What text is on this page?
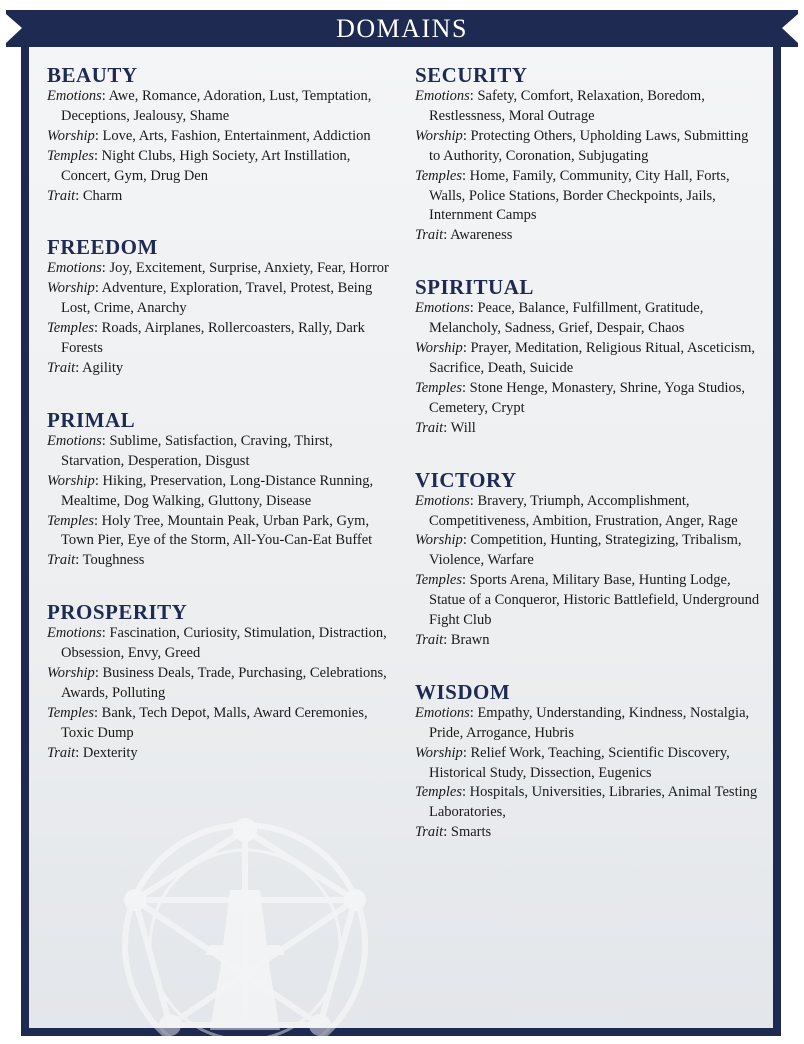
DOMAINS
BEAUTY
Emotions: Awe, Romance, Adoration, Lust, Temptation, Deceptions, Jealousy, Shame
Worship: Love, Arts, Fashion, Entertainment, Addiction
Temples: Night Clubs, High Society, Art Instillation, Concert, Gym, Drug Den
Trait: Charm
FREEDOM
Emotions: Joy, Excitement, Surprise, Anxiety, Fear, Horror
Worship: Adventure, Exploration, Travel, Protest, Being Lost, Crime, Anarchy
Temples: Roads, Airplanes, Rollercoasters, Rally, Dark Forests
Trait: Agility
PRIMAL
Emotions: Sublime, Satisfaction, Craving, Thirst, Starvation, Desperation, Disgust
Worship: Hiking, Preservation, Long-Distance Running, Mealtime, Dog Walking, Gluttony, Disease
Temples: Holy Tree, Mountain Peak, Urban Park, Gym, Town Pier, Eye of the Storm, All-You-Can-Eat Buffet
Trait: Toughness
PROSPERITY
Emotions: Fascination, Curiosity, Stimulation, Distraction, Obsession, Envy, Greed
Worship: Business Deals, Trade, Purchasing, Celebrations, Awards, Polluting
Temples: Bank, Tech Depot, Malls, Award Ceremonies, Toxic Dump
Trait: Dexterity
SECURITY
Emotions: Safety, Comfort, Relaxation, Boredom, Restlessness, Moral Outrage
Worship: Protecting Others, Upholding Laws, Submitting to Authority, Coronation, Subjugating
Temples: Home, Family, Community, City Hall, Forts, Walls, Police Stations, Border Checkpoints, Jails, Internment Camps
Trait: Awareness
SPIRITUAL
Emotions: Peace, Balance, Fulfillment, Gratitude, Melancholy, Sadness, Grief, Despair, Chaos
Worship: Prayer, Meditation, Religious Ritual, Asceticism, Sacrifice, Death, Suicide
Temples: Stone Henge, Monastery, Shrine, Yoga Studios, Cemetery, Crypt
Trait: Will
VICTORY
Emotions: Bravery, Triumph, Accomplishment, Competitiveness, Ambition, Frustration, Anger, Rage
Worship: Competition, Hunting, Strategizing, Tribalism, Violence, Warfare
Temples: Sports Arena, Military Base, Hunting Lodge, Statue of a Conqueror, Historic Battlefield, Underground Fight Club
Trait: Brawn
WISDOM
Emotions: Empathy, Understanding, Kindness, Nostalgia, Pride, Arrogance, Hubris
Worship: Relief Work, Teaching, Scientific Discovery, Historical Study, Dissection, Eugenics
Temples: Hospitals, Universities, Libraries, Animal Testing Laboratories,
Trait: Smarts
